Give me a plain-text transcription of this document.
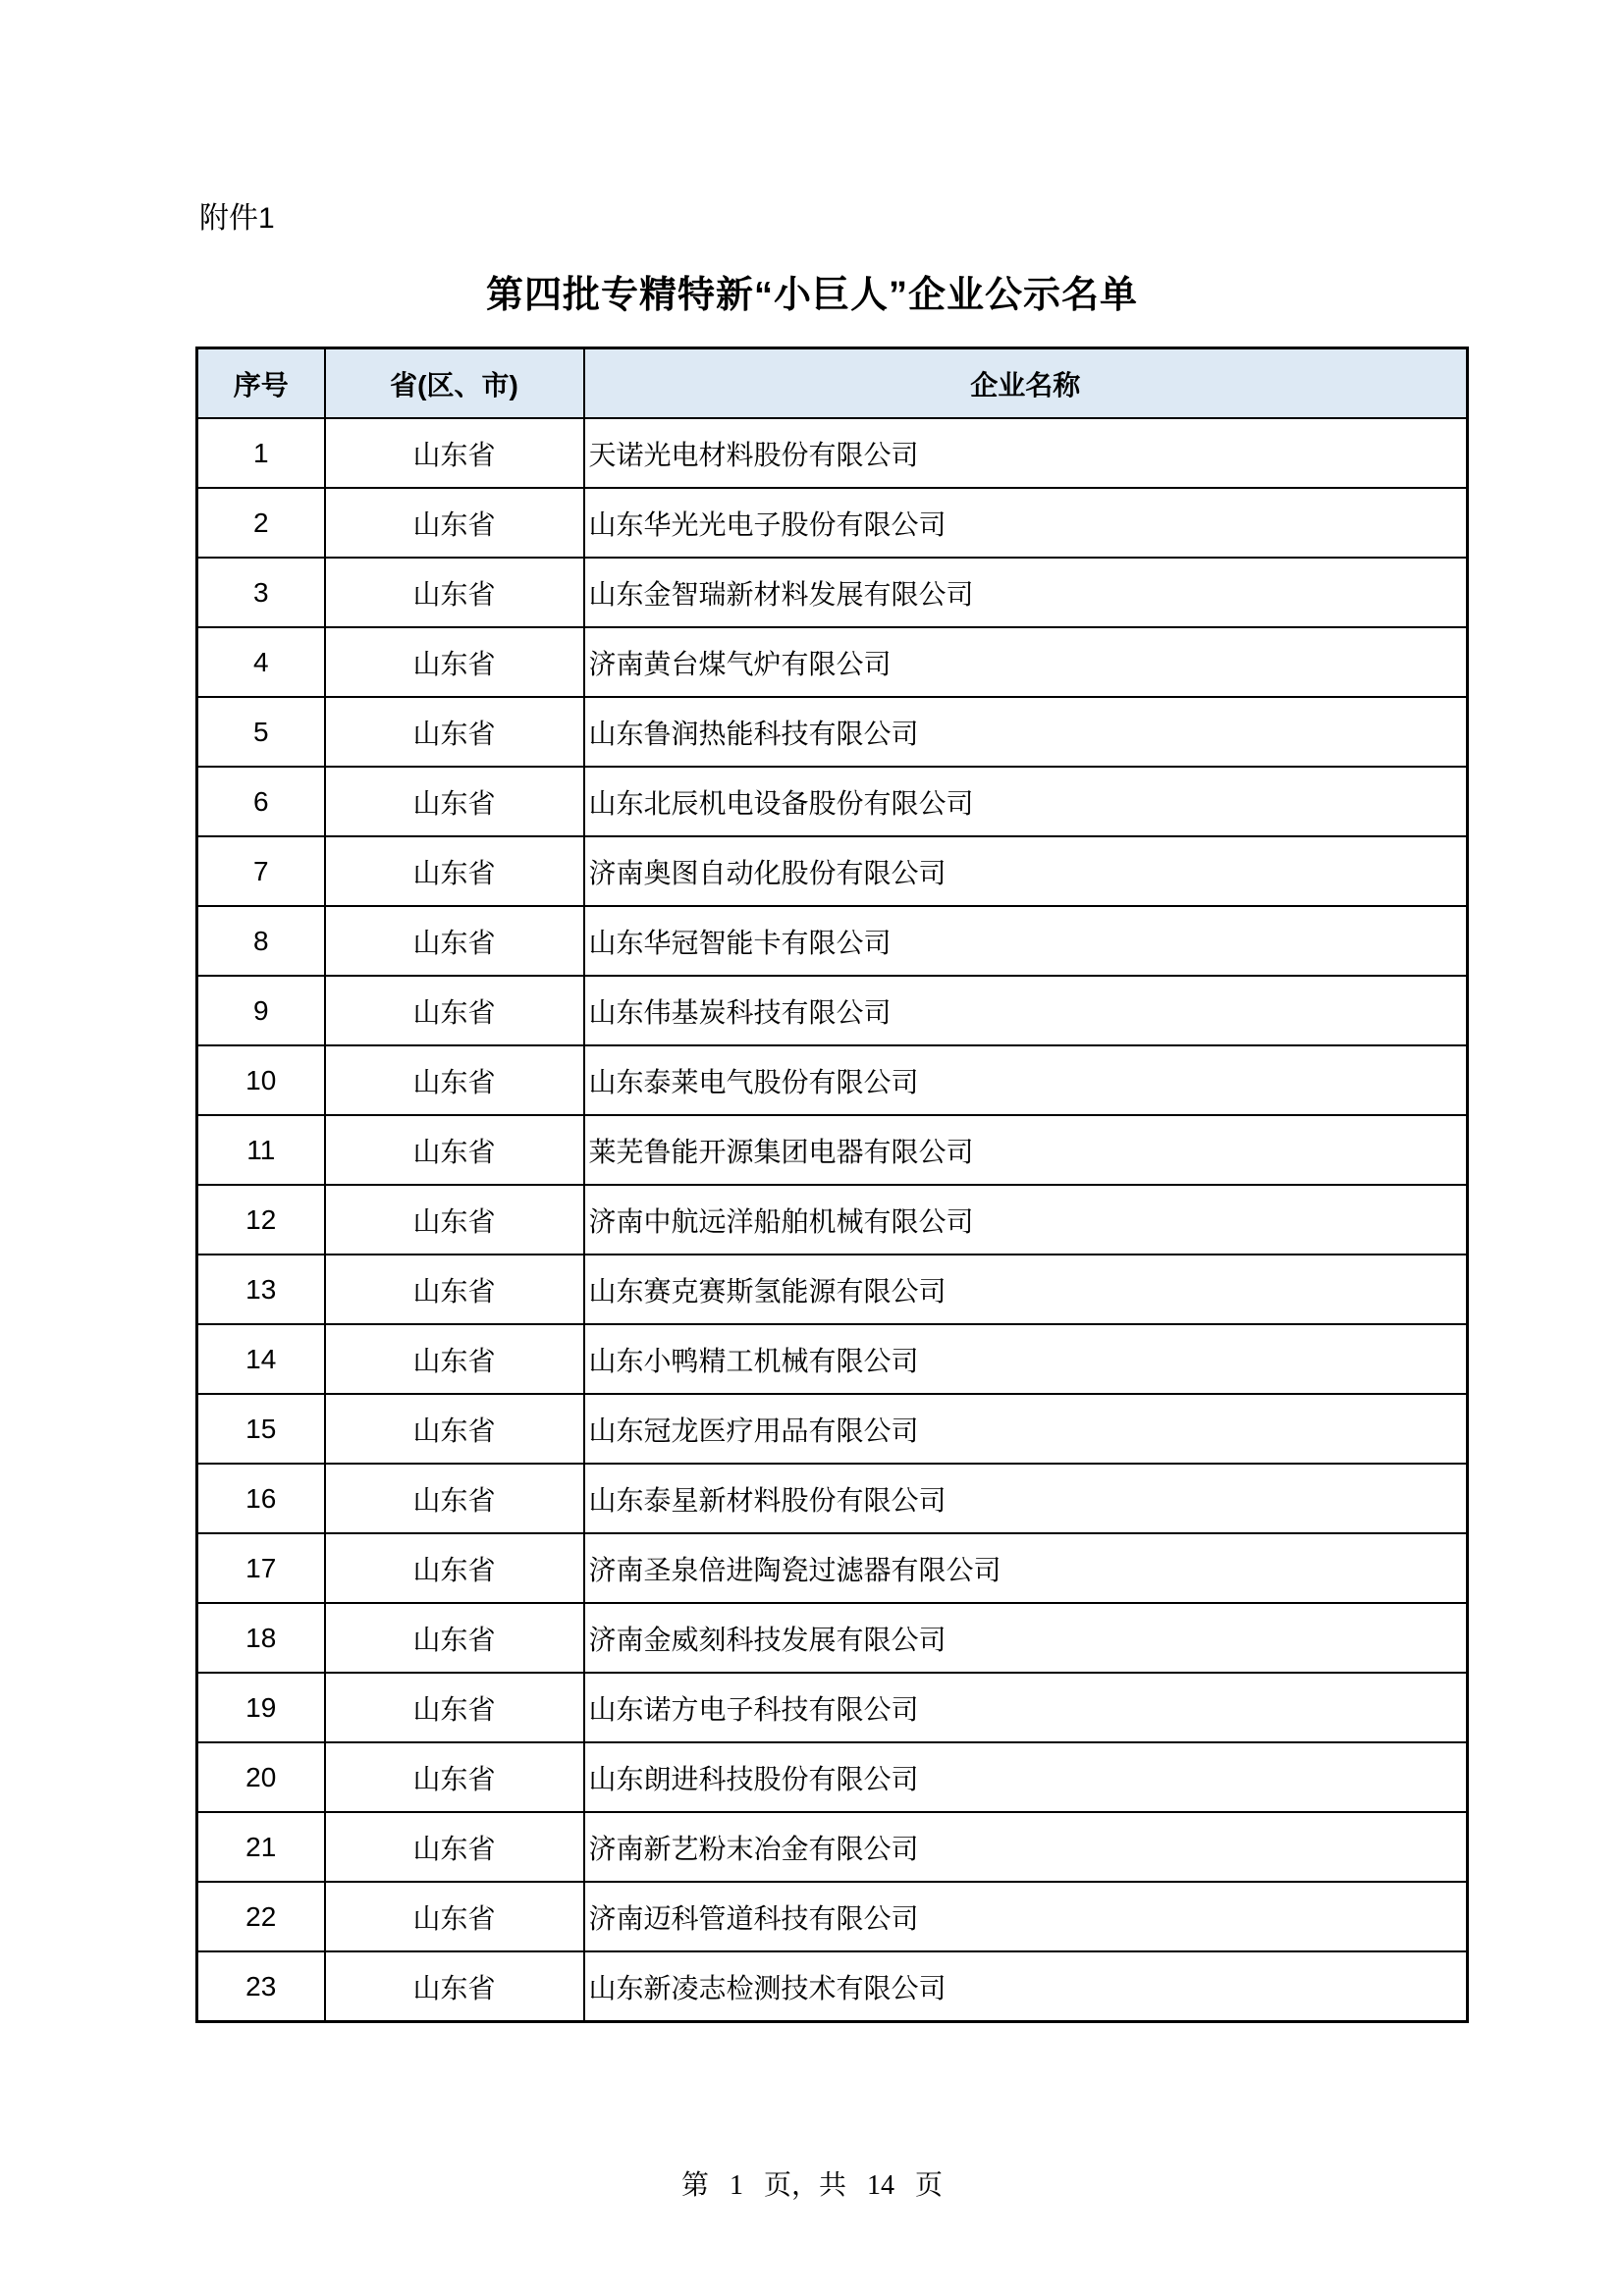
附件1
第四批专精特新“小巨人”企业公示名单
序号	省(区、市)	企业名称
1	山东省	天诺光电材料股份有限公司
2	山东省	山东华光光电子股份有限公司
3	山东省	山东金智瑞新材料发展有限公司
4	山东省	济南黄台煤气炉有限公司
5	山东省	山东鲁润热能科技有限公司
6	山东省	山东北辰机电设备股份有限公司
7	山东省	济南奥图自动化股份有限公司
8	山东省	山东华冠智能卡有限公司
9	山东省	山东伟基炭科技有限公司
10	山东省	山东泰莱电气股份有限公司
11	山东省	莱芜鲁能开源集团电器有限公司
12	山东省	济南中航远洋船舶机械有限公司
13	山东省	山东赛克赛斯氢能源有限公司
14	山东省	山东小鸭精工机械有限公司
15	山东省	山东冠龙医疗用品有限公司
16	山东省	山东泰星新材料股份有限公司
17	山东省	济南圣泉倍进陶瓷过滤器有限公司
18	山东省	济南金威刻科技发展有限公司
19	山东省	山东诺方电子科技有限公司
20	山东省	山东朗进科技股份有限公司
21	山东省	济南新艺粉末冶金有限公司
22	山东省	济南迈科管道科技有限公司
23	山东省	山东新凌志检测技术有限公司
第 1 页，共 14 页
